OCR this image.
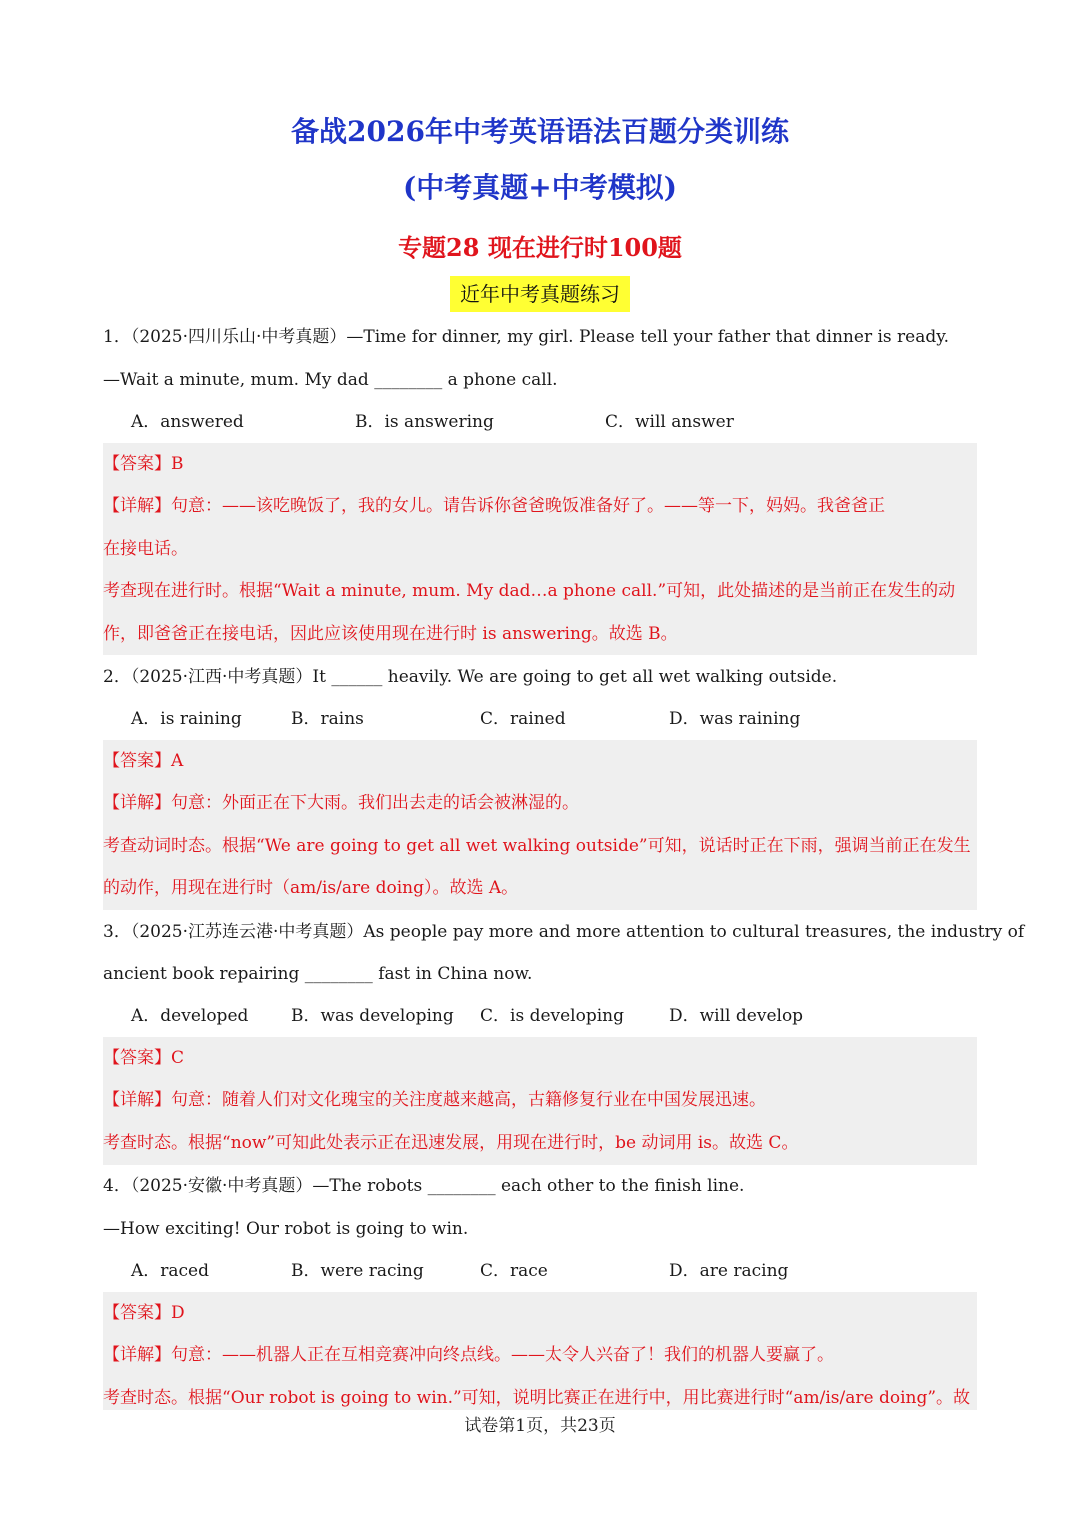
备战2026年中考英语语法百题分类训练
(中考真题+中考模拟)
专题28 现在进行时100题
近年中考真题练习
1．（2025·四川乐山·中考真题）—Time for dinner, my girl. Please tell your father that dinner is ready.
—Wait a minute, mum. My dad ________ a phone call.
A．answered	B．is answering	C．will answer
【答案】B
【详解】句意：——该吃晚饭了，我的女儿。请告诉你爸爸晚饭准备好了。——等一下，妈妈。我爸爸正
在接电话。
考查现在进行时。根据“Wait a minute, mum. My dad…a phone call.”可知，此处描述的是当前正在发生的动
作，即爸爸正在接电话，因此应该使用现在进行时 is answering。故选 B。
2．（2025·江西·中考真题）It ______ heavily. We are going to get all wet walking outside.
A．is raining	B．rains	C．rained	D．was raining
【答案】A
【详解】句意：外面正在下大雨。我们出去走的话会被淋湿的。
考查动词时态。根据“We are going to get all wet walking outside”可知，说话时正在下雨，强调当前正在发生
的动作，用现在进行时（am/is/are doing）。故选 A。
3．（2025·江苏连云港·中考真题）As people pay more and more attention to cultural treasures, the industry of
ancient book repairing ________ fast in China now.
A．developed	B．was developing C．is developing	D．will develop
【答案】C
【详解】句意：随着人们对文化瑰宝的关注度越来越高，古籍修复行业在中国发展迅速。
考查时态。根据“now”可知此处表示正在迅速发展，用现在进行时，be 动词用 is。故选 C。
4．（2025·安徽·中考真题）—The robots ________ each other to the finish line.
—How exciting! Our robot is going to win.
A．raced	B．were racing	C．race	D．are racing
【答案】D
【详解】句意：——机器人正在互相竞赛冲向终点线。——太令人兴奋了！我们的机器人要赢了。
考查时态。根据“Our robot is going to win.”可知，说明比赛正在进行中，用比赛进行时“am/is/are doing”。故
试卷第1页，共23页
